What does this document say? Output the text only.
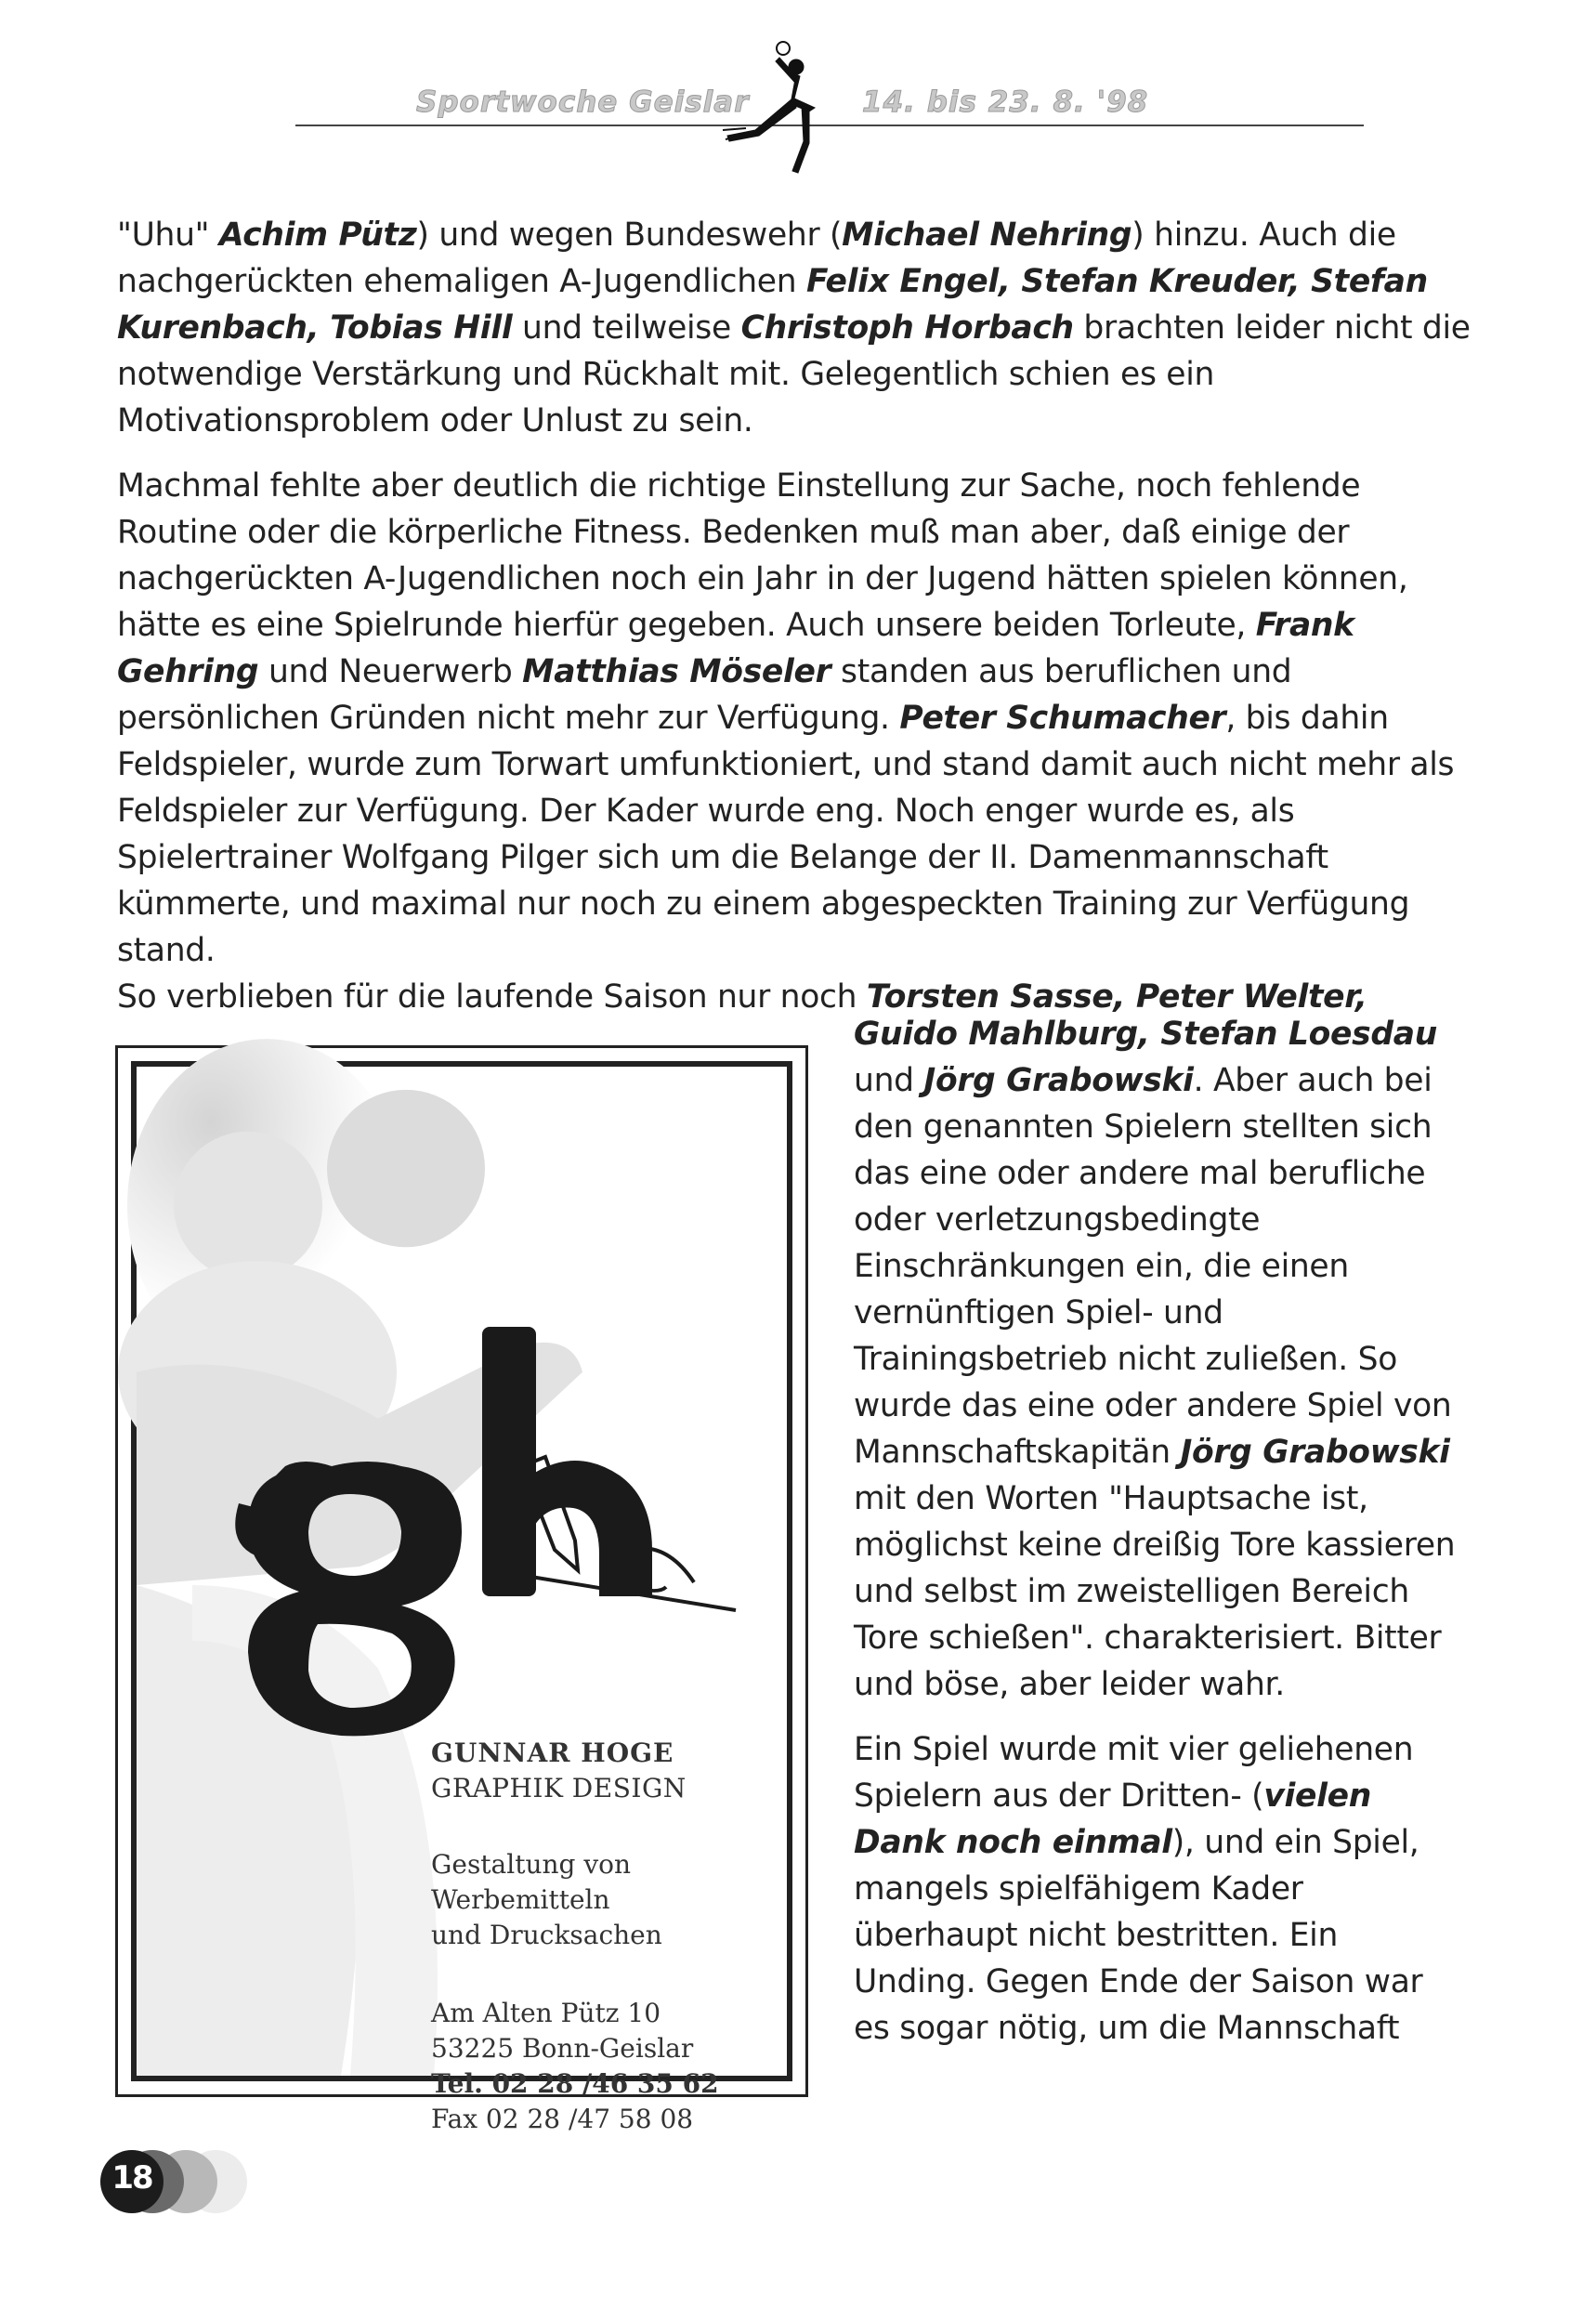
Sportwoche Geislar	14. bis 23. 8. '98

"Uhu" Achim Pütz) und wegen Bundeswehr (Michael Nehring) hinzu. Auch die nachgerückten ehemaligen A-Jugendlichen Felix Engel, Stefan Kreuder, Stefan Kurenbach, Tobias Hill und teilweise Christoph Horbach brachten leider nicht die notwendige Verstärkung und Rückhalt mit. Gelegentlich schien es ein Motivationsproblem oder Unlust zu sein.

Machmal fehlte aber deutlich die richtige Einstellung zur Sache, noch fehlende Routine oder die körperliche Fitness. Bedenken muß man aber, daß einige der nachgerückten A-Jugendlichen noch ein Jahr in der Jugend hätten spielen können, hätte es eine Spielrunde hierfür gegeben. Auch unsere beiden Torleute, Frank Gehring und Neuerwerb Matthias Möseler standen aus beruflichen und persönlichen Gründen nicht mehr zur Verfügung. Peter Schumacher, bis dahin Feldspieler, wurde zum Torwart umfunktioniert, und stand damit auch nicht mehr als Feldspieler zur Verfügung. Der Kader wurde eng. Noch enger wurde es, als Spielertrainer Wolfgang Pilger sich um die Belange der II. Damenmannschaft kümmerte, und maximal nur noch zu einem abgespeckten Training zur Verfügung stand.

So verblieben für die laufende Saison nur noch Torsten Sasse, Peter Welter,

Guido Mahlburg, Stefan Loesdau und Jörg Grabowski. Aber auch bei den genannten Spielern stellten sich das eine oder andere mal berufliche oder verletzungsbedingte Einschränkungen ein, die einen vernünftigen Spiel- und Trainingsbetrieb nicht zuließen. So wurde das eine oder andere Spiel von Mannschaftskapitän Jörg Grabowski mit den Worten "Hauptsache ist, möglichst keine dreißig Tore kassieren und selbst im zweistelligen Bereich Tore schießen". charakterisiert. Bitter und böse, aber leider wahr.

Ein Spiel wurde mit vier geliehenen Spielern aus der Dritten- (vielen Dank noch einmal), und ein Spiel, mangels spielfähigem Kader überhaupt nicht bestritten. Ein Unding. Gegen Ende der Saison war es sogar nötig, um die Mannschaft

GUNNAR HOGE
GRAPHIK DESIGN
Gestaltung von
Werbemitteln
und Drucksachen
Am Alten Pütz 10
53225 Bonn-Geislar
Tel. 02 28 /46 35 62
Fax 02 28 /47 58 08
18
